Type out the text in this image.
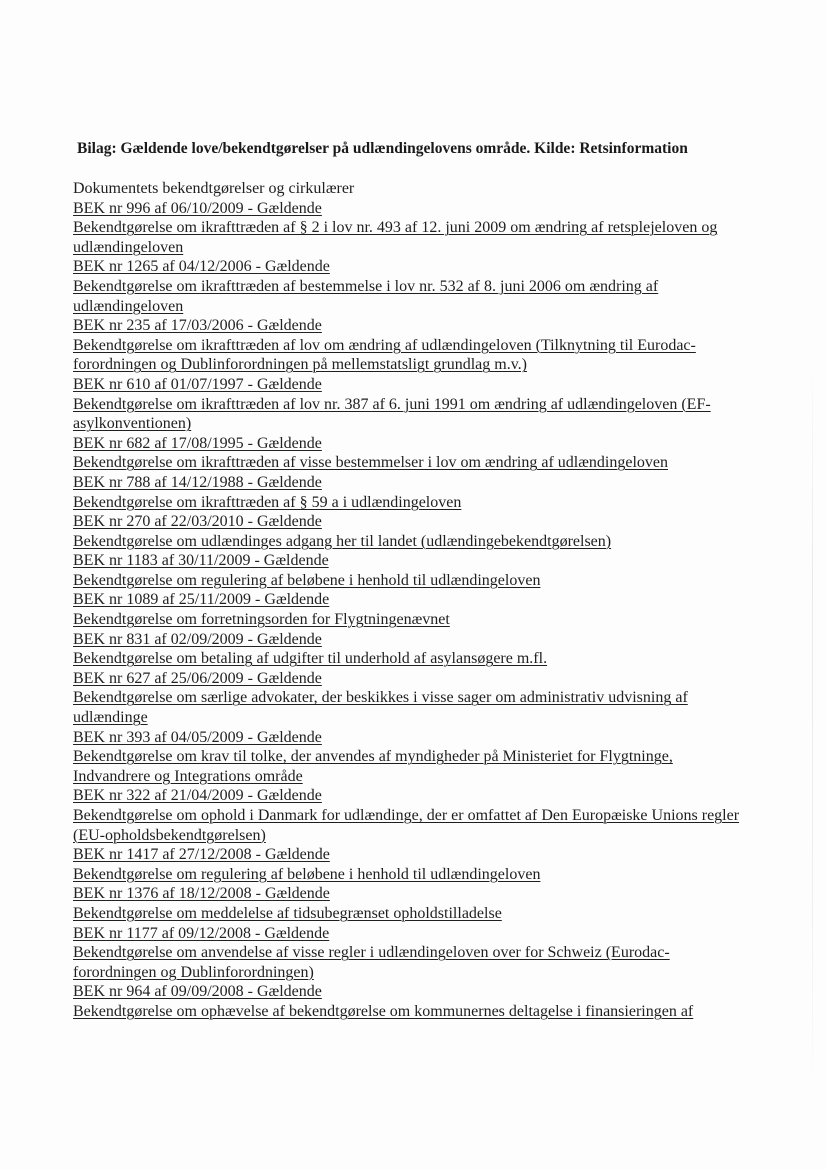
Bilag: Gældende love/bekendtgørelser på udlændingelovens område. Kilde: Retsinformation

Dokumentets bekendtgørelser og cirkulærer

BEK nr 996 af 06/10/2009 - Gældende
Bekendtgørelse om ikrafttræden af § 2 i lov nr. 493 af 12. juni 2009 om ændring af retsplejeloven og udlændingeloven
BEK nr 1265 af 04/12/2006 - Gældende
Bekendtgørelse om ikrafttræden af bestemmelse i lov nr. 532 af 8. juni 2006 om ændring af udlændingeloven
BEK nr 235 af 17/03/2006 - Gældende
Bekendtgørelse om ikrafttræden af lov om ændring af udlændingeloven (Tilknytning til Eurodac-forordningen og Dublinforordningen på mellemstatsligt grundlag m.v.)
BEK nr 610 af 01/07/1997 - Gældende
Bekendtgørelse om ikrafttræden af lov nr. 387 af 6. juni 1991 om ændring af udlændingeloven (EF-asylkonventionen)
BEK nr 682 af 17/08/1995 - Gældende
Bekendtgørelse om ikrafttræden af visse bestemmelser i lov om ændring af udlændingeloven
BEK nr 788 af 14/12/1988 - Gældende
Bekendtgørelse om ikrafttræden af § 59 a i udlændingeloven
BEK nr 270 af 22/03/2010 - Gældende
Bekendtgørelse om udlændinges adgang her til landet (udlændingebekendtgørelsen)
BEK nr 1183 af 30/11/2009 - Gældende
Bekendtgørelse om regulering af beløbene i henhold til udlændingeloven
BEK nr 1089 af 25/11/2009 - Gældende
Bekendtgørelse om forretningsorden for Flygtningenævnet
BEK nr 831 af 02/09/2009 - Gældende
Bekendtgørelse om betaling af udgifter til underhold af asylansøgere m.fl.
BEK nr 627 af 25/06/2009 - Gældende
Bekendtgørelse om særlige advokater, der beskikkes i visse sager om administrativ udvisning af udlændinge
BEK nr 393 af 04/05/2009 - Gældende
Bekendtgørelse om krav til tolke, der anvendes af myndigheder på Ministeriet for Flygtninge, Indvandrere og Integrations område
BEK nr 322 af 21/04/2009 - Gældende
Bekendtgørelse om ophold i Danmark for udlændinge, der er omfattet af Den Europæiske Unions regler (EU-opholdsbekendtgørelsen)
BEK nr 1417 af 27/12/2008 - Gældende
Bekendtgørelse om regulering af beløbene i henhold til udlændingeloven
BEK nr 1376 af 18/12/2008 - Gældende
Bekendtgørelse om meddelelse af tidsubegrænset opholdstilladelse
BEK nr 1177 af 09/12/2008 - Gældende
Bekendtgørelse om anvendelse af visse regler i udlændingeloven over for Schweiz (Eurodac-forordningen og Dublinforordningen)
BEK nr 964 af 09/09/2008 - Gældende
Bekendtgørelse om ophævelse af bekendtgørelse om kommunernes deltagelse i finansieringen af
